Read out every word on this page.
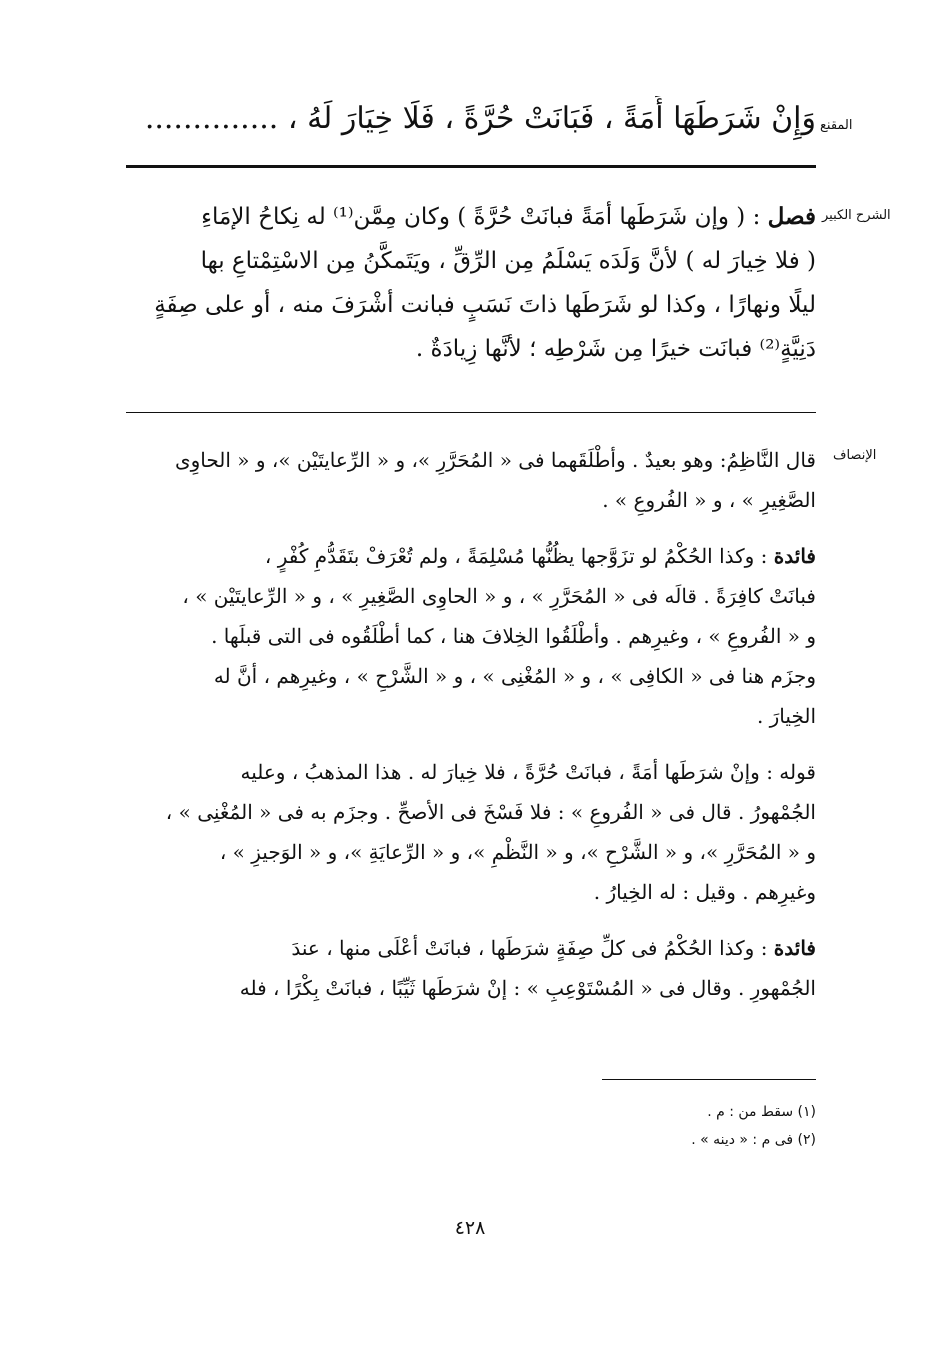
المقنع
وَإِنْ شَرَطَهَا أَمَةً ، فَبَانَتْ حُرَّةً ، فَلَا خِيَارَ لَهُ ، ..............
الشرح الكبير
فصل : ( وإن شَرَطَها أمَةً فبانَتْ حُرَّةً ) وكان مِمَّن⁽¹⁾ له نِكاحُ الإمَاءِ
( فلا خِيارَ له ) لأنَّ وَلَدَه يَسْلَمُ مِن الرِّقِّ ، ويَتَمكَّنُ مِن الاسْتِمْتاعِ بها
ليلًا ونهارًا ، وكذا لو شَرَطَها ذاتَ نَسَبٍ فبانت أشْرَفَ منه ، أو على صِفَةٍ
دَنِيَّةٍ⁽²⁾ فبانَت خيرًا مِن شَرْطِه ؛ لأنَّها زِيادَةٌ .
الإنصاف
قال النَّاظِمُ: وهو بعيدٌ . وأطْلَقَهما فى « المُحَرَّرِ »، و « الرِّعايتَيْن »، و « الحاوِى
الصَّغِيرِ » ، و « الفُروعِ » .
فائدة : وكذا الحُكْمُ لو تزَوَّجها يظُنُّها مُسْلِمَةً ، ولم تُعْرَفْ بتَقَدُّمِ كُفْرٍ ،
فبانَتْ كافِرَةً . قالَه فى « المُحَرَّرِ » ، و « الحاوِى الصَّغِيرِ » ، و « الرِّعايتَيْن » ،
و « الفُروعِ » ، وغيرِهم . وأطْلَقُوا الخِلافَ هنا ، كما أطْلَقُوه فى التى قبلَها .
وجزَم هنا فى « الكافِى » ، و « المُغْنِى » ، و « الشَّرْحِ » ، وغيرِهم ، أنَّ له
الخِيارَ .
قوله : وإنْ شرَطَها أمَةً ، فبانَتْ حُرَّةً ، فلا خِيارَ له . هذا المذهبُ ، وعليه
الجُمْهورُ . قال فى « الفُروعِ » : فلا فَسْخَ فى الأصحِّ . وجزَم به فى « المُغْنِى » ،
و « المُحَرَّرِ »، و « الشَّرْحِ »، و « النَّظْمِ »، و « الرِّعايَةِ »، و « الوَجيزِ » ،
وغيرِهم . وقيل : له الخِيارُ .
فائدة : وكذا الحُكْمُ فى كلِّ صِفَةٍ شرَطَها ، فبانَتْ أعْلَى منها ، عندَ
الجُمْهورِ . وقال فى « المُسْتَوْعِبِ » : إنْ شرَطَها ثَيِّبًا ، فبانَتْ بِكْرًا ، فله
(١) سقط من : م .
(٢) فى م : « دينه » .
٤٢٨
